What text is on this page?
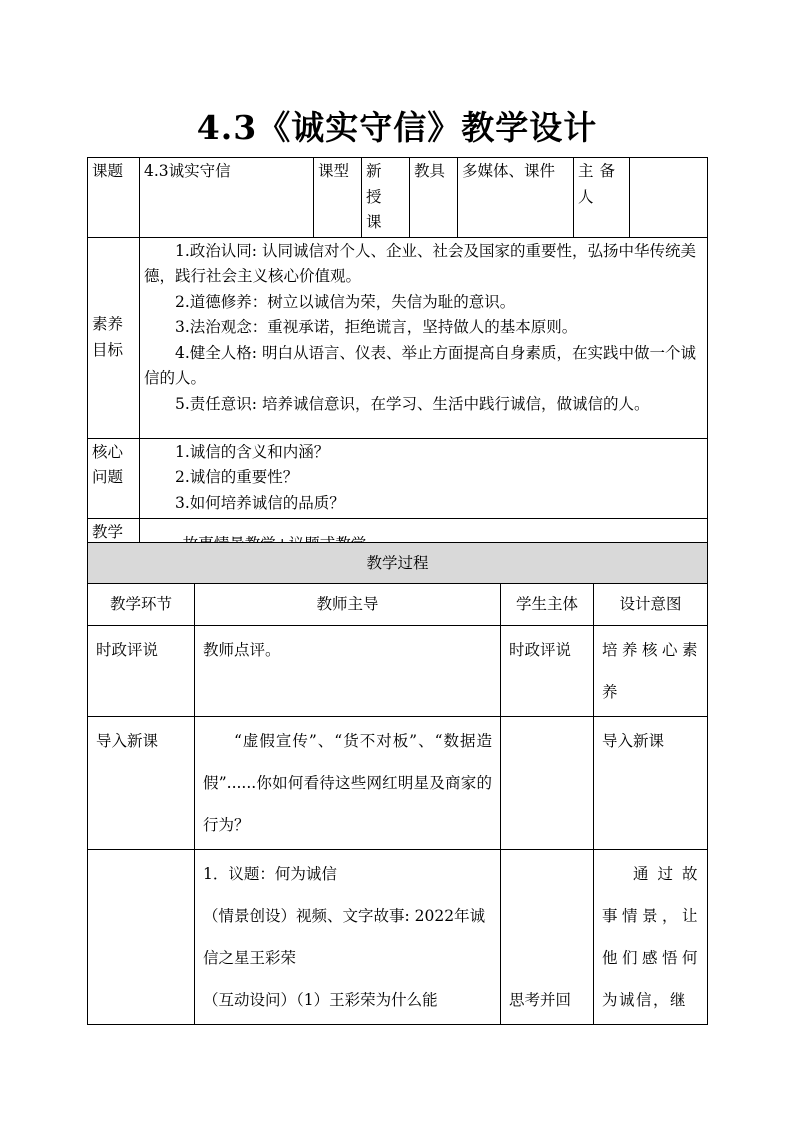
4.3《诚实守信》教学设计
课题	4.3诚实守信	课型	新授课	教具	多媒体、课件	主备人	
素养目标	1.政治认同: 认同诚信对个人、企业、社会及国家的重要性，弘扬中华传统美德，践行社会主义核心价值观。

2.道德修养：树立以诚信为荣，失信为耻的意识。

3.法治观念：重视承诺，拒绝谎言，坚持做人的基本原则。

4.健全人格: 明白从语言、仪表、举止方面提高自身素质，在实践中做一个诚信的人。

5.责任意识: 培养诚信意识，在学习、生活中践行诚信，做诚信的人。						

核心问题	1.诚信的含义和内涵？

2.诚信的重要性？

3.如何培养诚信的品质？						

教学	

教学过程			
教学环节	教师主导	学生主体	设计意图
时政评说	教师点评。	时政评说	培养核心素养
导入新课	“虚假宣传”、“货不对板”、“数据造假”......你如何看待这些网红明星及商家的行为？		导入新课

	1．议题：何为诚信
（情景创设）视频、文字故事: 2022年诚信之星王彩荣
（互动设问）（1）王彩荣为什么能	思考并回	通过故事情景，让他们感悟何为诚信，继
